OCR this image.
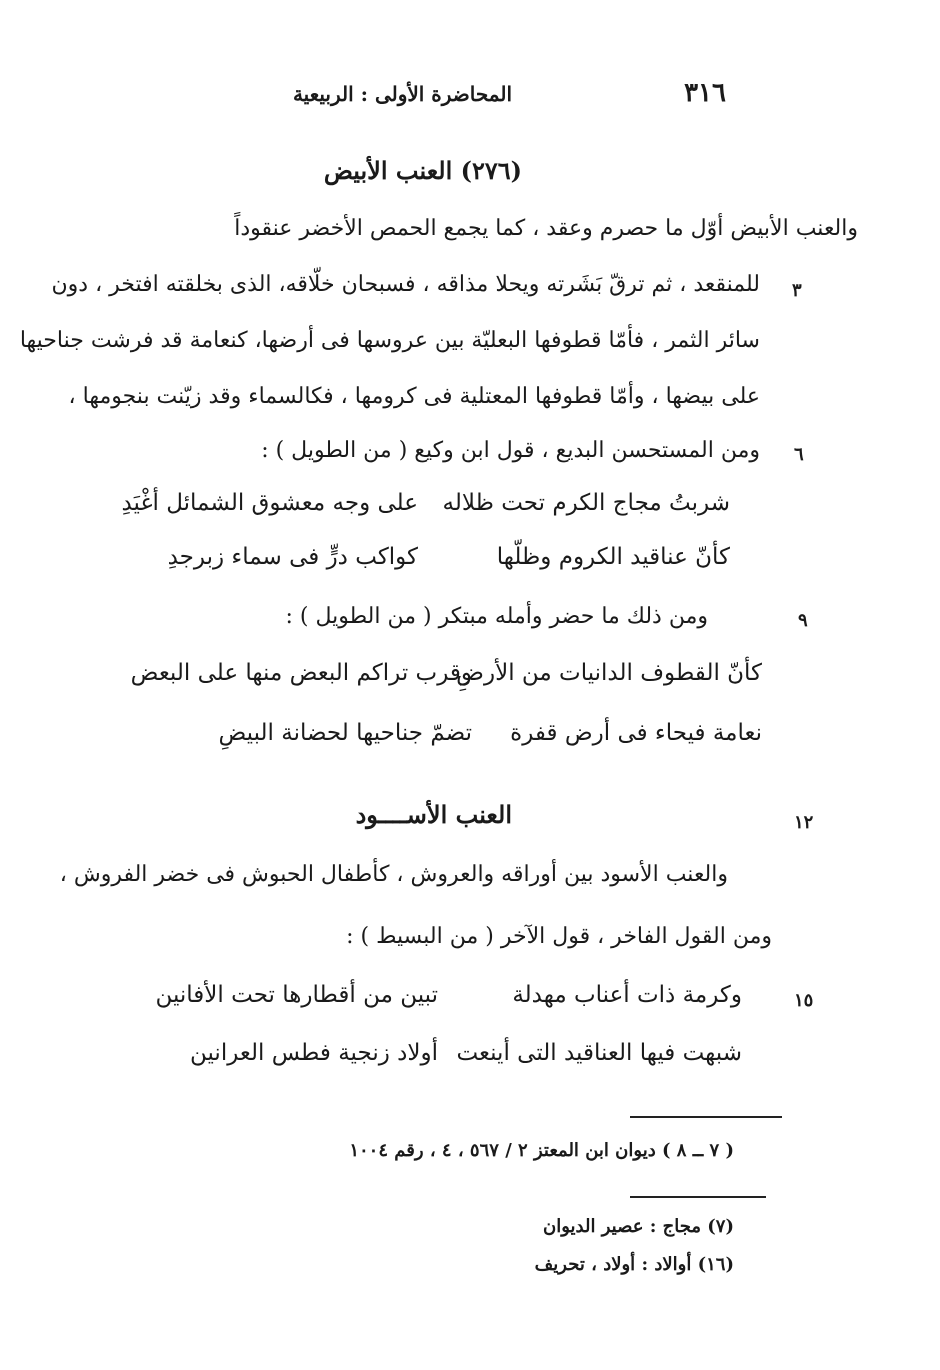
٣١٦
المحاضرة الأولى : الربيعية
(٢٧٦) العنب الأبيض
والعنب الأبيض أوّل ما حصرم وعقد ، كما يجمع الحمص الأخضر عنقوداً
للمنقعد ، ثم ترقّ بَشَرته ويحلا مذاقه ، فسبحان خلّاقه، الذى بخلقته افتخر ، دون
سائر الثمر ، فأمّا قطوفها البعليّة بين عروسها فى أرضها، كنعامة قد فرشت جناحيها
على بيضها ، وأمّا قطوفها المعتلية فى كرومها ، فكالسماء وقد زيّنت بنجومها ،
ومن المستحسن البديع ، قول ابن وكيع ( من الطويل ) :
شربتُ مجاج الكرم تحت ظلاله
على وجه معشوق الشمائل أغْيَدِ
كأنّ عناقيد الكروم وظلّها
كواكب درٍّ فى سماء زبرجدِ
ومن ذلك ما حضر وأمله مبتكر ( من الطويل ) :
كأنّ القطوف الدانيات من الأرضِ
وقرب تراكم البعض منها على البعض
نعامة فيحاء فى أرض قفرة
تضمّ جناحيها لحضانة البيضِ
العنب الأســــود
والعنب الأسود بين أوراقه والعروش ، كأطفال الحبوش فى خضر الفروش ،
ومن القول الفاخر ، قول الآخر ( من البسيط ) :
وكرمة ذات أعناب مهدلة
تبين من أقطارها تحت الأفانين
شبهت فيها العناقيد التى أينعت
أولاد زنجية فطس العرانين
٣
٦
٩
١٢
١٥
( ٧ ــ ٨ ) ديوان ابن المعتز ٢ / ٥٦٧ ، ٤ ، رقم ١٠٠٤
(٧) مجاج : عصير الديوان
(١٦) أوالاد : أولاد ، تحريف
